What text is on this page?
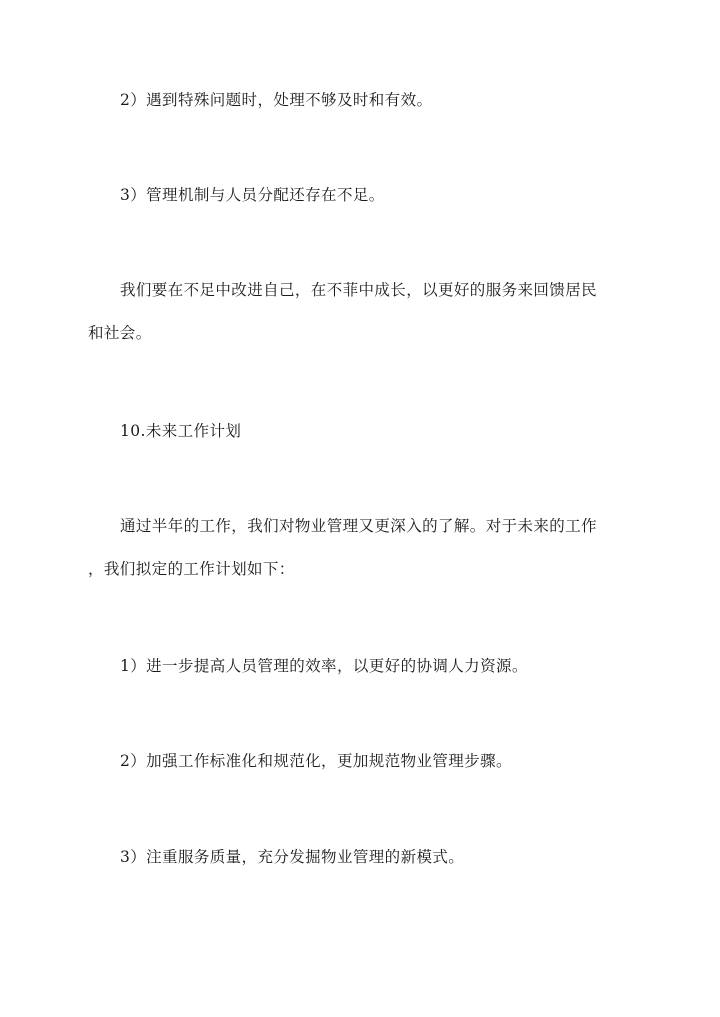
2）遇到特殊问题时，处理不够及时和有效。
3）管理机制与人员分配还存在不足。
我们要在不足中改进自己，在不菲中成长，以更好的服务来回馈居民
和社会。
10.未来工作计划
通过半年的工作，我们对物业管理又更深入的了解。对于未来的工作
，我们拟定的工作计划如下：
1）进一步提高人员管理的效率，以更好的协调人力资源。
2）加强工作标准化和规范化，更加规范物业管理步骤。
3）注重服务质量，充分发掘物业管理的新模式。
